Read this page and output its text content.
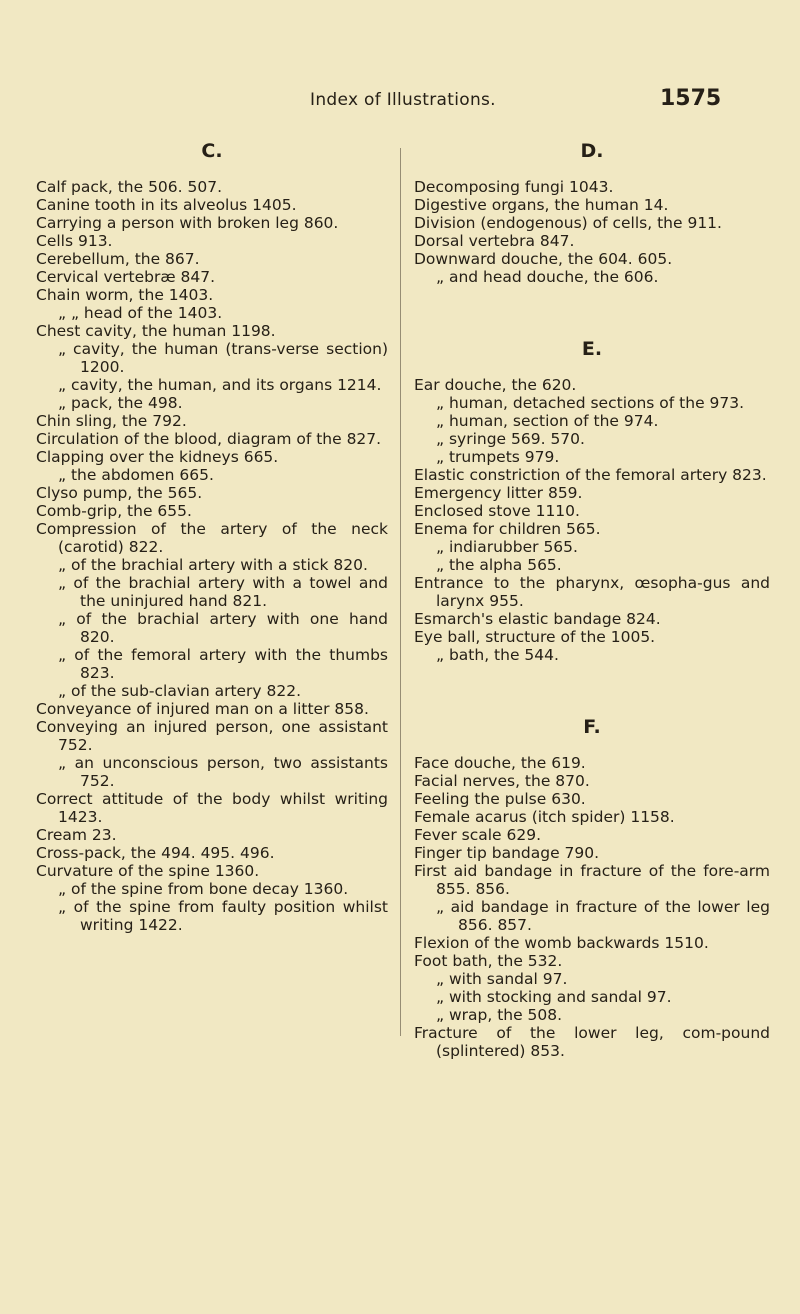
Index of Illustrations.	1575
C.

Calf pack, the 506. 507.

Canine tooth in its alveolus 1405.

Carrying a person with broken leg 860.

Cells 913.

Cerebellum, the 867.

Cervical vertebræ 847.

Chain worm, the 1403.

„ „ head of the 1403.

Chest cavity, the human 1198.

„ cavity, the human (trans-verse section) 1200.

„ cavity, the human, and its organs 1214.

„ pack, the 498.

Chin sling, the 792.

Circulation of the blood, diagram of the 827.

Clapping over the kidneys 665.

„ the abdomen 665.

Clyso pump, the 565.

Comb-grip, the 655.

Compression of the artery of the neck (carotid) 822.

„ of the brachial artery with a stick 820.

„ of the brachial artery with a towel and the uninjured hand 821.

„ of the brachial artery with one hand 820.

„ of the femoral artery with the thumbs 823.

„ of the sub-clavian artery 822.

Conveyance of injured man on a litter 858.

Conveying an injured person, one assistant 752.

„ an unconscious person, two assistants 752.

Correct attitude of the body whilst writing 1423.

Cream 23.

Cross-pack, the 494. 495. 496.

Curvature of the spine 1360.

„ of the spine from bone decay 1360.

„ of the spine from faulty position whilst writing 1422.

D.

Decomposing fungi 1043.

Digestive organs, the human 14.

Division (endogenous) of cells, the 911.

Dorsal vertebra 847.

Downward douche, the 604. 605.

„ and head douche, the 606.

E.

Ear douche, the 620.

„ human, detached sections of the 973.

„ human, section of the 974.

„ syringe 569. 570.

„ trumpets 979.

Elastic constriction of the femoral artery 823.

Emergency litter 859.

Enclosed stove 1110.

Enema for children 565.

„ indiarubber 565.

„ the alpha 565.

Entrance to the pharynx, œsopha-gus and larynx 955.

Esmarch's elastic bandage 824.

Eye ball, structure of the 1005.

„ bath, the 544.

F.

Face douche, the 619.

Facial nerves, the 870.

Feeling the pulse 630.

Female acarus (itch spider) 1158.

Fever scale 629.

Finger tip bandage 790.

First aid bandage in fracture of the fore-arm 855. 856.

„ aid bandage in fracture of the lower leg 856. 857.

Flexion of the womb backwards 1510.

Foot bath, the 532.

„ with sandal 97.

„ with stocking and sandal 97.

„ wrap, the 508.

Fracture of the lower leg, com-pound (splintered) 853.
